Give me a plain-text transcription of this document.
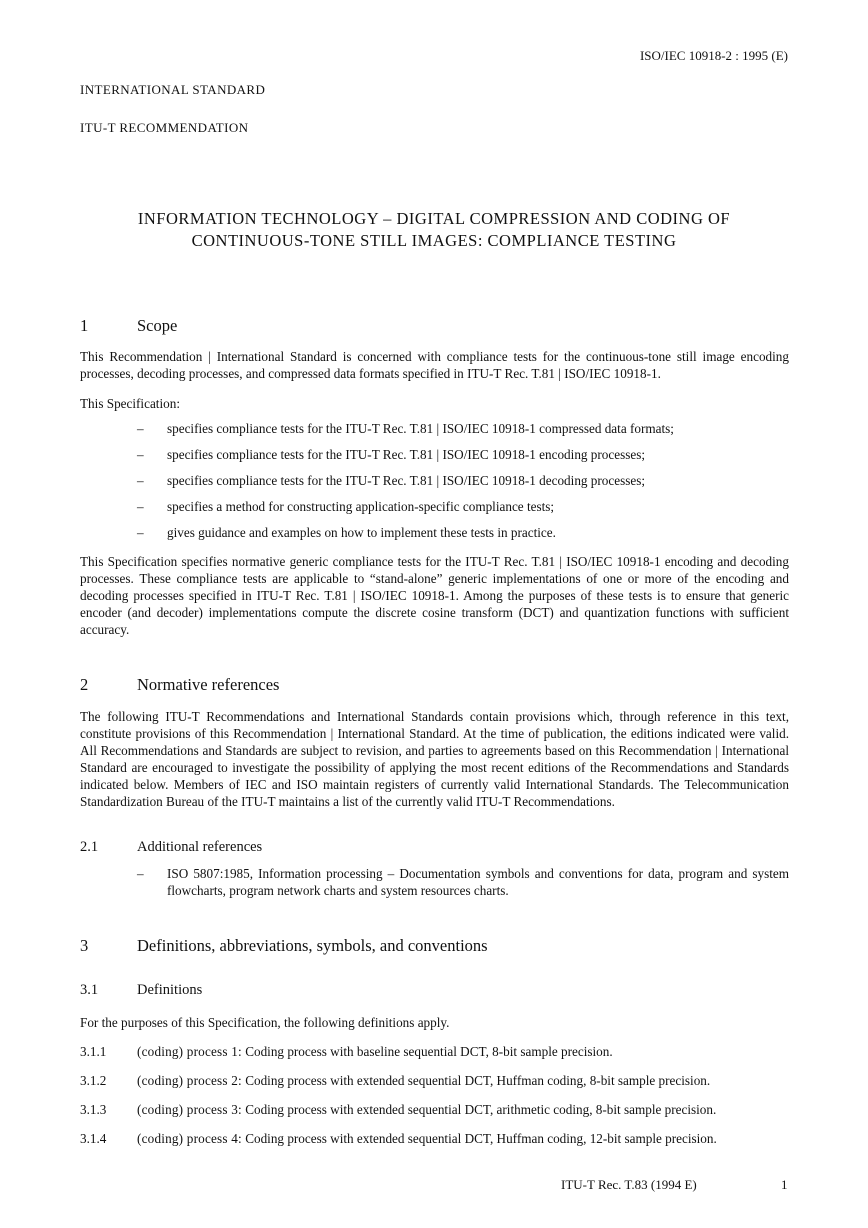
ISO/IEC 10918-2 : 1995 (E)
INTERNATIONAL STANDARD
ITU-T RECOMMENDATION
INFORMATION TECHNOLOGY – DIGITAL COMPRESSION AND CODING OF
CONTINUOUS-TONE STILL IMAGES: COMPLIANCE TESTING
1	Scope
This Recommendation | International Standard is concerned with compliance tests for the continuous-tone still image encoding processes, decoding processes, and compressed data formats specified in ITU-T Rec. T.81 | ISO/IEC 10918-1.
This Specification:
– specifies compliance tests for the ITU-T Rec. T.81 | ISO/IEC 10918-1 compressed data formats;
– specifies compliance tests for the ITU-T Rec. T.81 | ISO/IEC 10918-1 encoding processes;
– specifies compliance tests for the ITU-T Rec. T.81 | ISO/IEC 10918-1 decoding processes;
– specifies a method for constructing application-specific compliance tests;
– gives guidance and examples on how to implement these tests in practice.
This Specification specifies normative generic compliance tests for the ITU-T Rec. T.81 | ISO/IEC 10918-1 encoding and decoding processes. These compliance tests are applicable to “stand-alone” generic implementations of one or more of the encoding and decoding processes specified in ITU-T Rec. T.81 | ISO/IEC 10918-1. Among the purposes of these tests is to ensure that generic encoder (and decoder) implementations compute the discrete cosine transform (DCT) and quantization functions with sufficient accuracy.
2	Normative references
The following ITU-T Recommendations and International Standards contain provisions which, through reference in this text, constitute provisions of this Recommendation | International Standard. At the time of publication, the editions indicated were valid. All Recommendations and Standards are subject to revision, and parties to agreements based on this Recommendation | International Standard are encouraged to investigate the possibility of applying the most recent editions of the Recommendations and Standards indicated below. Members of IEC and ISO maintain registers of currently valid International Standards. The Telecommunication Standardization Bureau of the ITU-T maintains a list of the currently valid ITU-T Recommendations.
2.1	Additional references
– ISO 5807:1985, Information processing – Documentation symbols and conventions for data, program and system flowcharts, program network charts and system resources charts.
3	Definitions, abbreviations, symbols, and conventions
3.1	Definitions
For the purposes of this Specification, the following definitions apply.
3.1.1 (coding) process 1: Coding process with baseline sequential DCT, 8-bit sample precision.
3.1.2 (coding) process 2: Coding process with extended sequential DCT, Huffman coding, 8-bit sample precision.
3.1.3 (coding) process 3: Coding process with extended sequential DCT, arithmetic coding, 8-bit sample precision.
3.1.4 (coding) process 4: Coding process with extended sequential DCT, Huffman coding, 12-bit sample precision.
ITU-T Rec. T.83 (1994 E)	1
